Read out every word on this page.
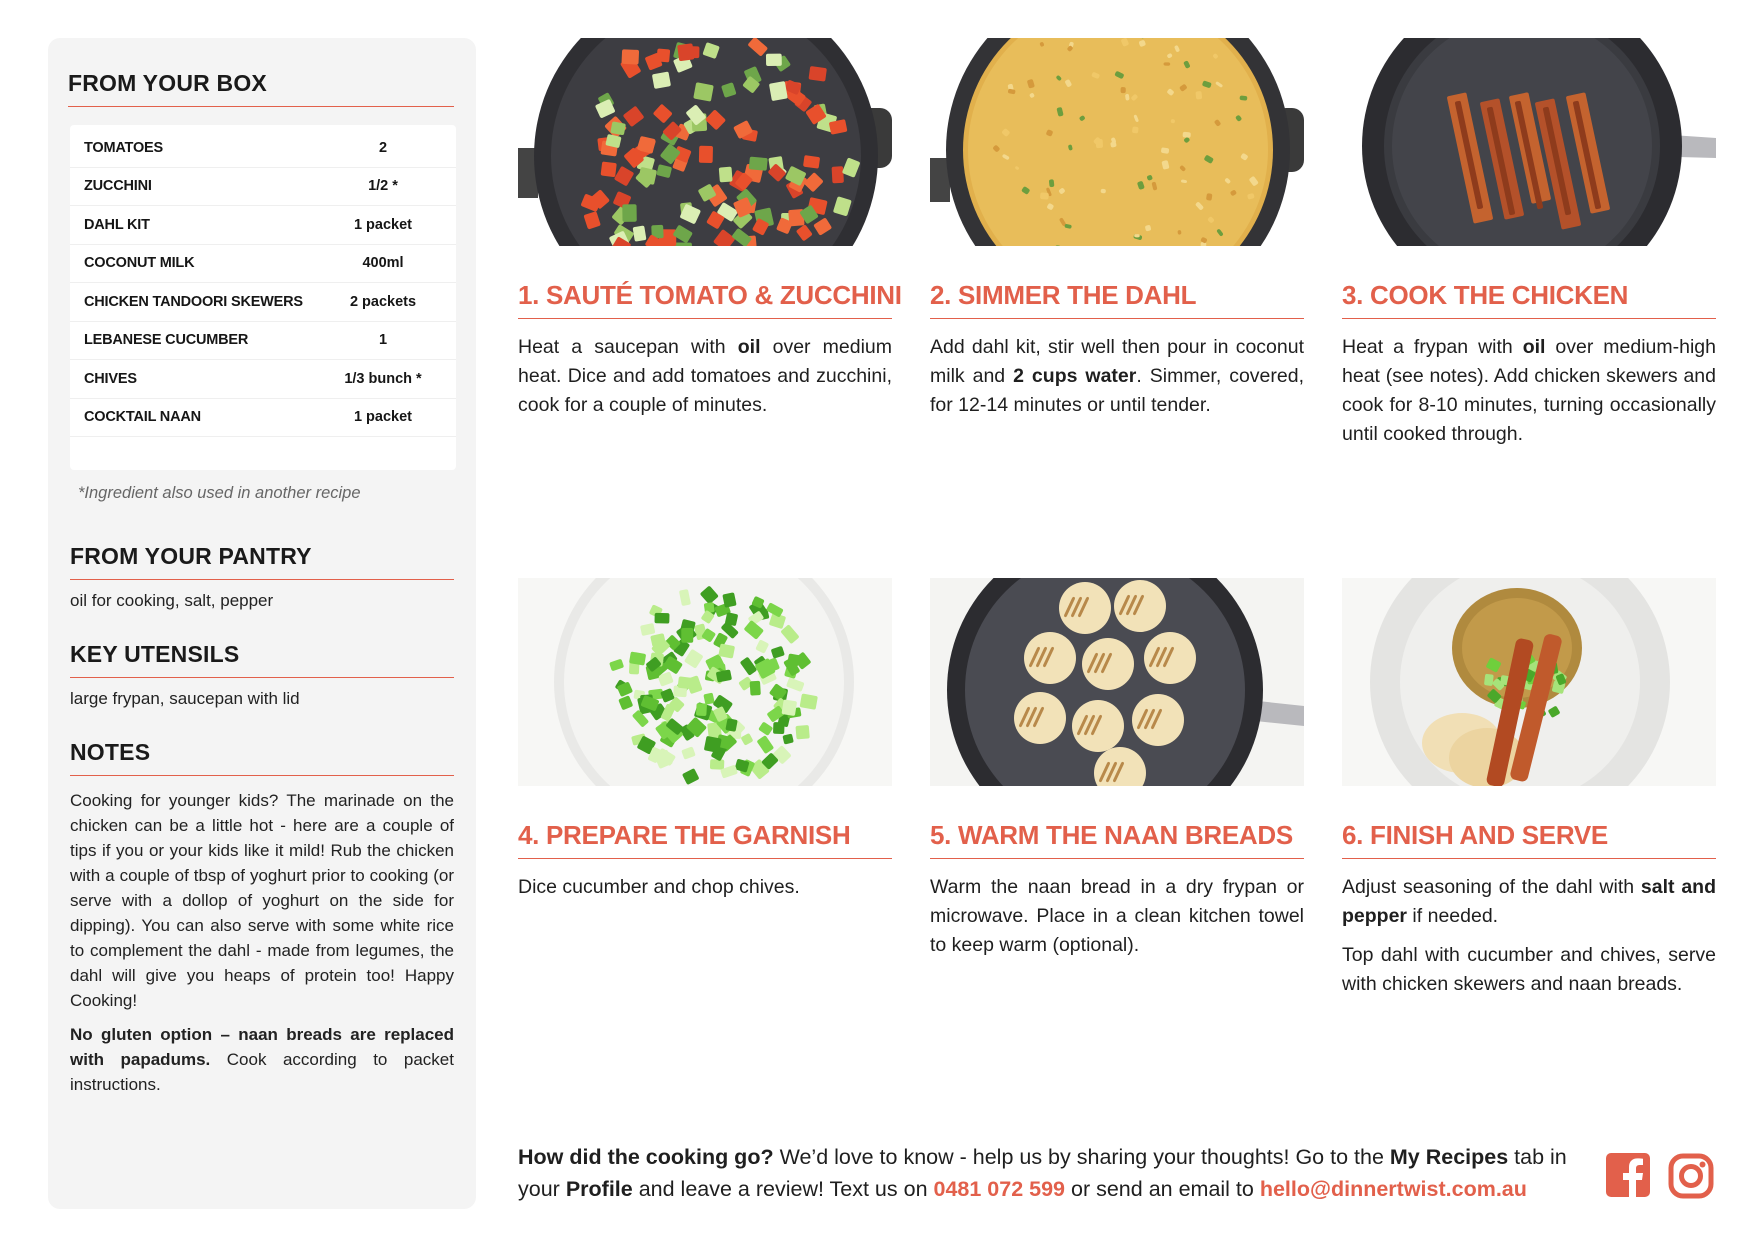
FROM YOUR BOX
TOMATOES	2
ZUCCHINI	1/2 *
DAHL KIT	1 packet
COCONUT MILK	400ml
CHICKEN TANDOORI SKEWERS	2 packets
LEBANESE CUCUMBER	1
CHIVES	1/3 bunch *
COCKTAIL NAAN	1 packet

*Ingredient also used in another recipe

FROM YOUR PANTRY

oil for cooking, salt, pepper

KEY UTENSILS

large frypan, saucepan with lid

NOTES

Cooking for younger kids? The marinade on the chicken can be a little hot - here are a couple of tips if you or your kids like it mild! Rub the chicken with a couple of tbsp of yoghurt prior to cooking (or serve with a dollop of yoghurt on the side for dipping). You can also serve with some white rice to complement the dahl - made from legumes, the dahl will give you heaps of protein too! Happy Cooking!

No gluten option – naan breads are replaced with papadums. Cook according to packet instructions.

1. SAUTÉ TOMATO & ZUCCHINI

Heat a saucepan with oil over medium heat. Dice and add tomatoes and zucchini, cook for a couple of minutes.

2. SIMMER THE DAHL

Add dahl kit, stir well then pour in coconut milk and 2 cups water. Simmer, covered, for 12-14 minutes or until tender.

3. COOK THE CHICKEN

Heat a frypan with oil over medium-high heat (see notes). Add chicken skewers and cook for 8-10 minutes, turning occasionally until cooked through.

4. PREPARE THE GARNISH

Dice cucumber and chop chives.

5. WARM THE NAAN BREADS

Warm the naan bread in a dry frypan or microwave. Place in a clean kitchen towel to keep warm (optional).

6. FINISH AND SERVE

Adjust seasoning of the dahl with salt and pepper if needed.

Top dahl with cucumber and chives, serve with chicken skewers and naan breads.

How did the cooking go? We’d love to know - help us by sharing your thoughts! Go to the My Recipes tab in your Profile and leave a review! Text us on 0481 072 599 or send an email to hello@dinnertwist.com.au
